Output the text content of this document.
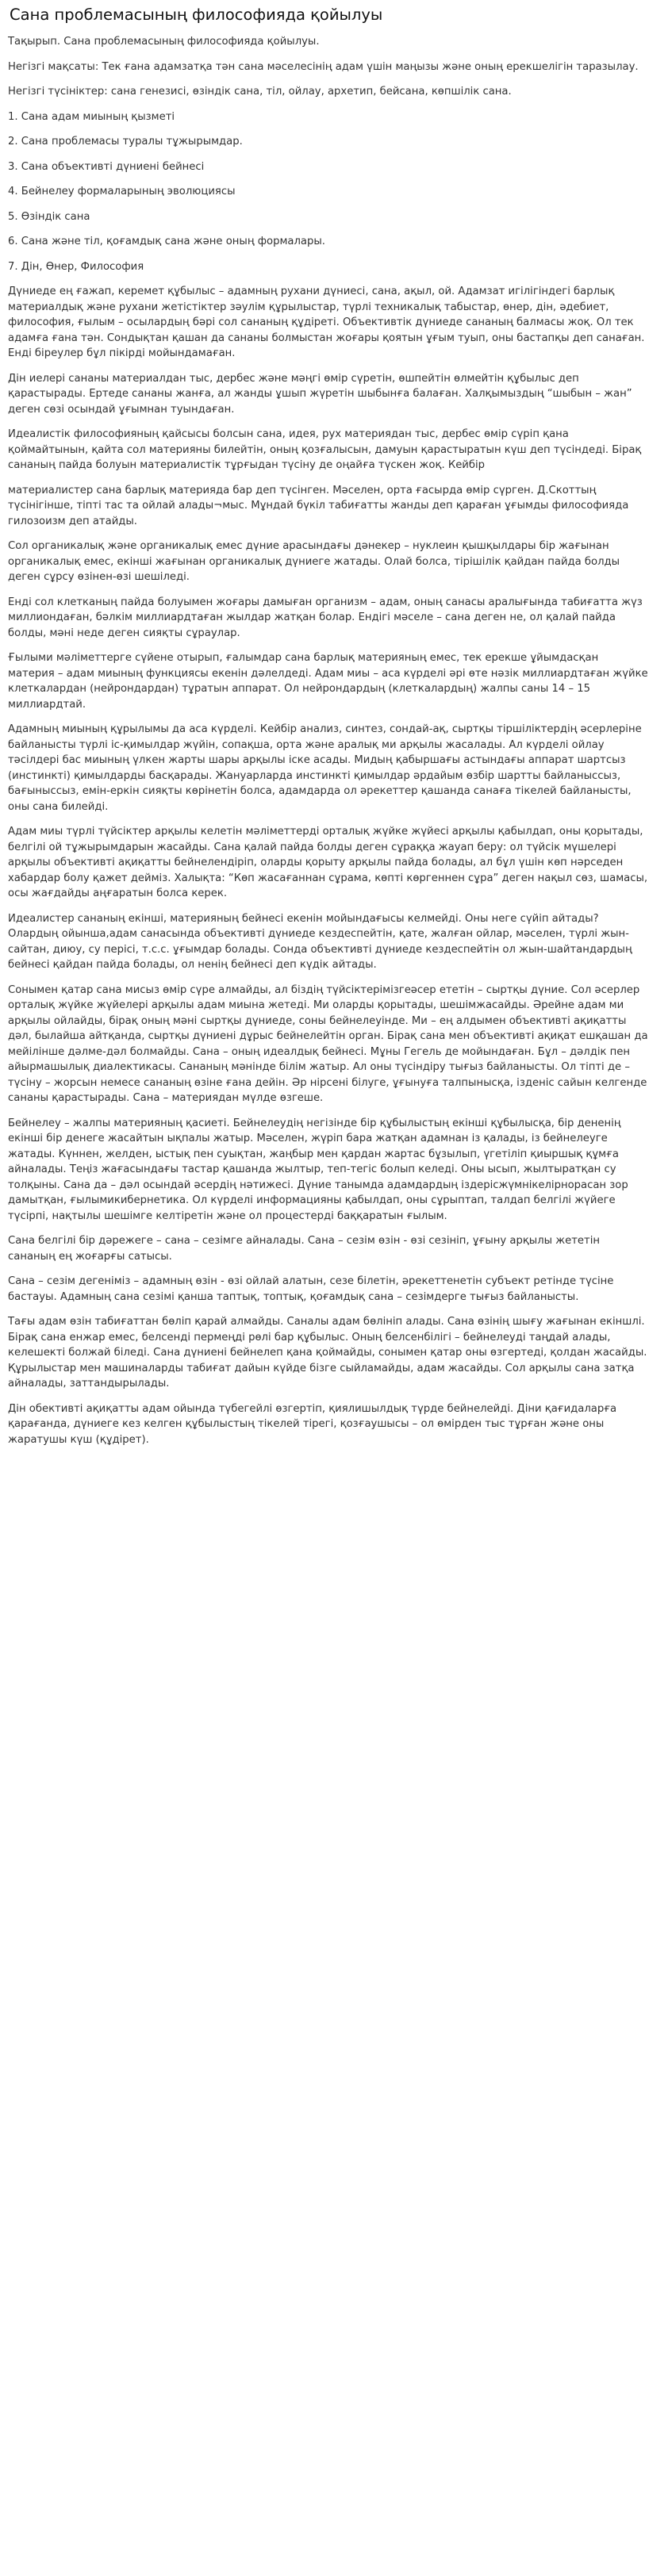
Сана проблемасының философияда қойылуы

Тақырып. Сана проблемасының философияда қойылуы.

Негізгі мақсаты: Тек ғана адамзатқа тән сана мәселесінің адам үшін маңызы және оның ерекшелігін таразылау.

Негізгі түсініктер: сана генезисі, өзіндік сана, тіл, ойлау, архетип, бейсана, көпшілік сана.

1. Сана адам миының қызметі

2. Сана проблемасы туралы тұжырымдар.

3. Сана объективті дүниені бейнесі

4. Бейнелеу формаларының эволюциясы

5. Өзіндік сана

6. Сана және тіл, қоғамдық сана және оның формалары.

7. Дін, Өнер, Философия

Дүниеде ең ғажап, керемет құбылыс – адамның рухани дүниесі, сана, ақыл, ой. Адамзат игілігіндегі барлық материалдық және рухани жетістіктер зәулім құрылыстар, түрлі техникалық табыстар, өнер, дін, әдебиет, философия, ғылым – осылардың бәрі сол сананың құдіреті. Объективтік дүниеде сананың балмасы жоқ. Ол тек адамға ғана тән. Сондықтан қашан да сананы болмыстан жоғары қоятын ұғым туып, оны бастапқы деп санаған. Енді біреулер бұл пікірді мойындамаған.

Дін иелері сананы материалдан тыс, дербес және мәңгі өмір сүретін, өшпейтін өлмейтін құбылыс деп қарастырады. Ертеде сананы жанға, ал жанды ұшып жүретін шыбынға балаған. Халқымыздың “шыбын – жан” деген сөзі осындай ұғымнан туындаған.

Идеалистік философияның қайсысы болсын сана, идея, рух материядан тыс, дербес өмір сүріп қана қоймайтынын, қайта сол материяны билейтін, оның қозғалысын, дамуын қарастыратын күш деп түсіндеді. Бірақ сананың пайда болуын материалистік тұрғыдан түсіну де оңайға түскен жоқ. Кейбір

материалистер сана барлық материяда бар деп түсінген. Мәселен, орта ғасырда өмір сүрген. Д.Скоттың түсінігінше, тіпті тас та ойлай алады¬мыс. Мұндай бүкіл табиғатты жанды деп қараған ұғымды философияда гилозоизм деп атайды.

Сол органикалық және органикалық емес дүние арасындағы дәнекер – нуклеин қышқылдары бір жағынан органикалық емес, екінші жағынан органикалық дүниеге жатады. Олай болса, тірішілік қайдан пайда болды деген сұрсу өзінен-өзі шешіледі.

Енді сол клетканың пайда болуымен жоғары дамыған организм – адам, оның санасы аралығында табиғатта жүз миллиондаған, бәлкім миллиардтаған жылдар жатқан болар. Ендігі мәселе – сана деген не, ол қалай пайда болды, мәні неде деген сияқты сұраулар.

Ғылыми мәліметтерге сүйене отырып, ғалымдар сана барлық материяның емес, тек ерекше ұйымдасқан материя – адам миының функциясы екенін дәлелдеді. Адам миы – аса күрделі әрі өте нәзік миллиардтаған жүйке клеткалардан (нейрондардан) тұратын аппарат. Ол нейрондардың (клеткалардың) жалпы саны 14 – 15 миллиардтай.

Адамның миының құрылымы да аса күрделі. Кейбір анализ, синтез, сондай-ақ, сыртқы тіршіліктердің әсерлеріне байланысты түрлі іс-қимылдар жүйін, сопақша, орта және аралық ми арқылы жасалады. Ал күрделі ойлау тәсілдері бас миының үлкен жарты шары арқылы іске асады. Мидың қабыршағы астындағы аппарат шартсыз (инстинкті) қимылдарды басқарады. Жануарларда инстинкті қимылдар әрдайым өзбір шартты байланыссыз, бағыныссыз, емін-еркін сияқты көрінетін болса, адамдарда ол әрекеттер қашанда санаға тікелей байланысты, оны сана билейді.

Адам миы түрлі түйсіктер арқылы келетін мәліметтерді орталық жүйке жүйесі арқылы қабылдап, оны қорытады, белгілі ой тұжырымдарын жасайды. Сана қалай пайда болды деген сұраққа жауап беру: ол түйсік мүшелері арқылы объективті ақиқатты бейнелендіріп, оларды қорыту арқылы пайда болады, ал бұл үшін көп нәрседен хабардар болу қажет дейміз. Халықта: “Көп жасағаннан сұрама, көпті көргеннен сұра” деген нақыл сөз, шамасы, осы жағдайды аңғаратын болса керек.

Идеалистер сананың екінші, материяның бейнесі екенін мойындағысы келмейді. Оны неге сүйіп айтады? Олардың ойынша,адам санасында объективті дүниеде кездеспейтін, қате, жалған ойлар, мәселен, түрлі жын-сайтан, диюу, су перісі, т.с.с. ұғымдар болады. Сонда объективті дүниеде кездеспейтін ол жын-шайтандардың бейнесі қайдан пайда болады, ол ненің бейнесі деп күдік айтады.

Сонымен қатар сана мисыз өмір сүре алмайды, ал біздің түйсіктерімізгеәсер ететін – сыртқы дүние. Сол әсерлер орталық жүйке жүйелері арқылы адам миына жетеді. Ми оларды қорытады, шешімжасайды. Әрейне адам ми арқылы ойлайды, бірақ оның мәні сыртқы дүниеде, соны бейнелеуінде. Ми – ең алдымен объективті ақиқатты дәл, былайша айтқанда, сыртқы дүниені дұрыс бейнелейтін орган. Бірақ сана мен объективті ақиқат ешқашан да мейілінше дәлме-дәл болмайды. Сана – оның идеалдық бейнесі. Мұны Гегель де мойындаған. Бұл – дәлдік пен айырмашылық диалектикасы. Сананың мәнінде білім жатыр. Ал оны түсіндіру тығыз байланысты. Ол тіпті де – түсіну – жорсын немесе сананың өзіне ғана дейін. Әр нірсені білуге, ұғынуға талпынысқа, ізденіс сайын келгенде сананы қарастырады. Сана – материядан мүлде өзгеше.

Бейнелеу – жалпы материяның қасиеті. Бейнелеудің негізінде бір құбылыстың екінші құбылысқа, бір дененің екінші бір денеге жасайтын ықпалы жатыр. Мәселен, жүріп бара жатқан адамнан із қалады, із бейнелеуге жатады. Күннен, желден, ыстық пен суықтан, жаңбыр мен қардан жартас бұзылып, үгетіліп қиыршық құмға айналады. Теңіз жағасындағы тастар қашанда жылтыр, теп-тегіс болып келеді. Оны ысып, жылтыратқан су толқыны. Сана да – дәл осындай әсердің нәтижесі. Дүние танымда адамдардың іздерісжүмнікелірнорасан зор дамытқан, ғылымикибернетика. Ол күрделі информацияны қабылдап, оны сұрыптап, талдап белгілі жүйеге түсірпі, нақтылы шешімге келтіретін және ол процестерді баққаратын ғылым.

Сана белгілі бір дәрежеге – сана – сезімге айналады. Сана – сезім өзін - өзі сезініп, ұғыну арқылы жететін сананың ең жоғарғы сатысы.

Сана – сезім дегеніміз – адамның өзін - өзі ойлай алатын, сезе білетін, әрекеттенетін субъект ретінде түсіне бастауы. Адамның сана сезімі қанша таптық, топтық, қоғамдық сана – сезімдерге тығыз байланысты.

Тағы адам өзін табиғаттан бөліп қарай алмайды. Саналы адам бөлініп алады. Сана өзінің шығу жағынан екіншлі. Бірақ сана енжар емес, белсенді пермеңді рөлі бар құбылыс. Оның белсенбілігі – бейнелеуді таңдай алады, келешекті болжай біледі. Сана дүниені бейнелеп қана қоймайды, сонымен қатар оны өзгертеді, қолдан жасайды. Құрылыстар мен машиналарды табиғат дайын күйде бізге сыйламайды, адам жасайды. Сол арқылы сана затқа айналады, заттандырылады.

Дін обективті ақиқатты адам ойында түбегейлі өзгертіп, қиялишылдық түрде бейнелейді. Діни қағидаларға қарағанда, дүниеге кез келген құбылыстың тікелей тірегі, қозғаушысы – ол өмірден тыс тұрған және оны жаратушы күш (құдірет).
